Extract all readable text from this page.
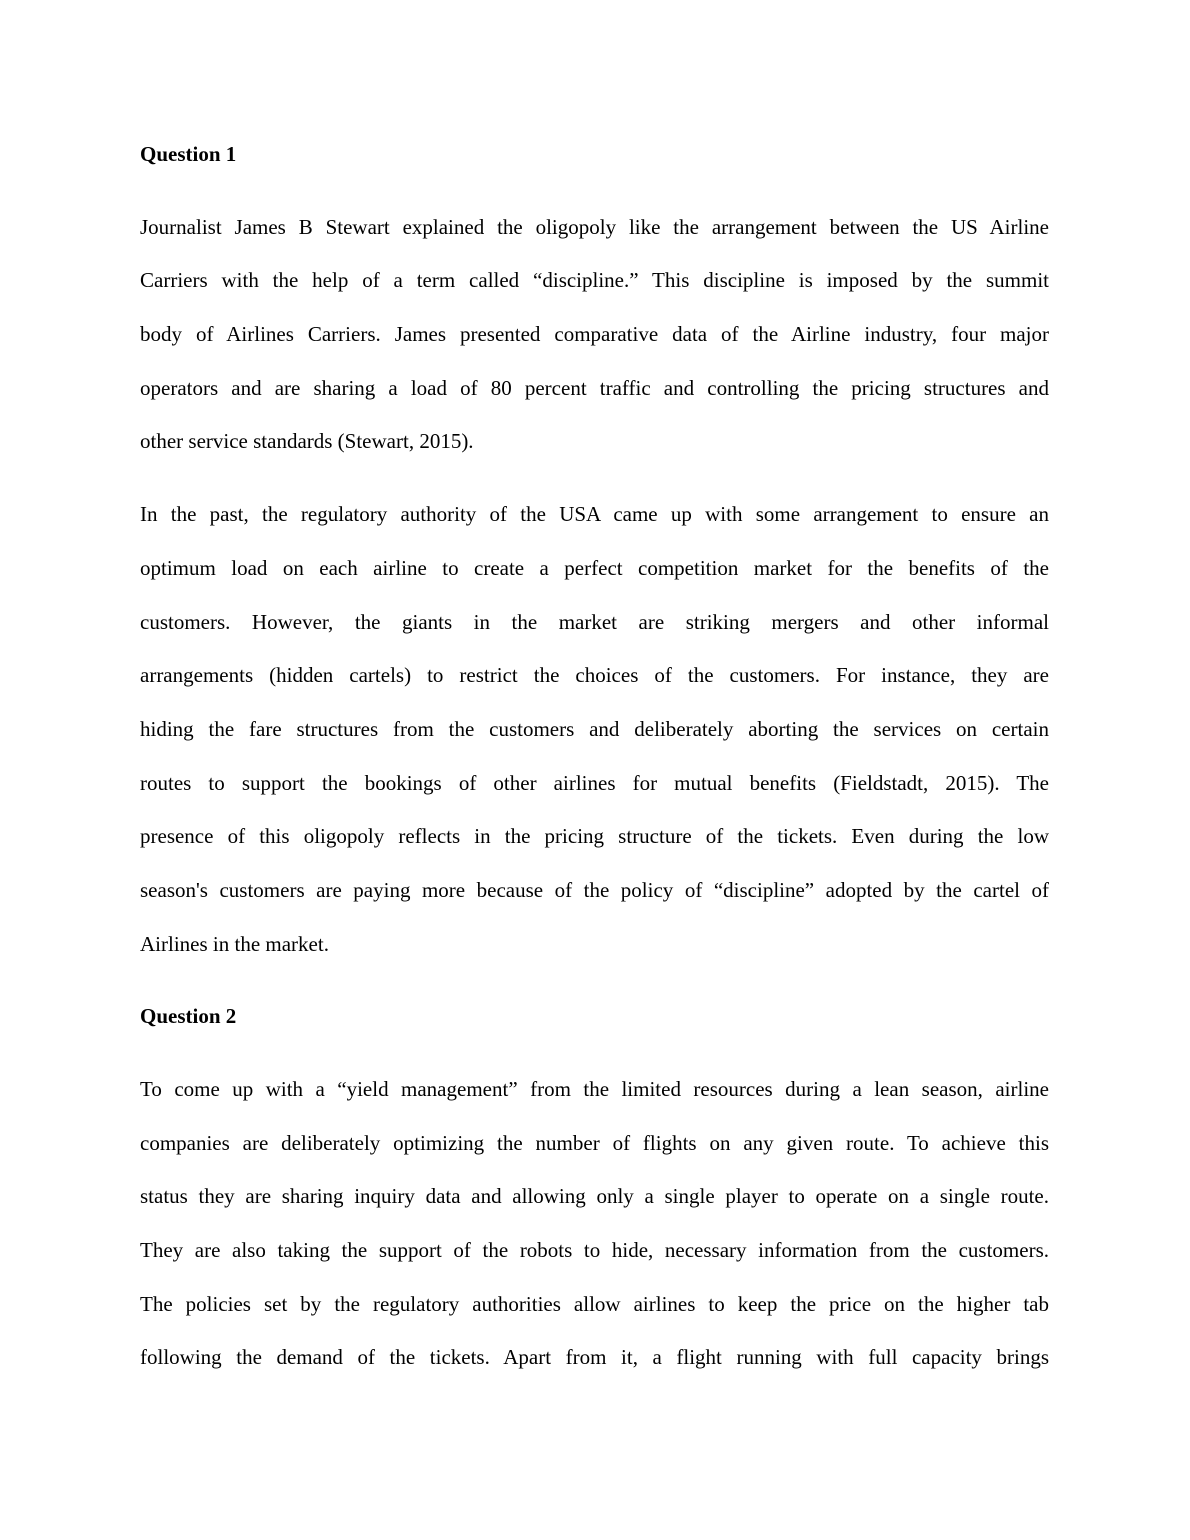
Question 1
Journalist James B Stewart explained the oligopoly like the arrangement between the US Airline
Carriers with the help of a term called “discipline.” This discipline is imposed by the summit
body of Airlines Carriers. James presented comparative data of the Airline industry, four major
operators and are sharing a load of 80 percent traffic and controlling the pricing structures and
other service standards (Stewart, 2015).
In the past, the regulatory authority of the USA came up with some arrangement to ensure an
optimum load on each airline to create a perfect competition market for the benefits of the
customers. However, the giants in the market are striking mergers and other informal
arrangements (hidden cartels) to restrict the choices of the customers. For instance, they are
hiding the fare structures from the customers and deliberately aborting the services on certain
routes to support the bookings of other airlines for mutual benefits (Fieldstadt, 2015). The
presence of this oligopoly reflects in the pricing structure of the tickets. Even during the low
season's customers are paying more because of the policy of “discipline” adopted by the cartel of
Airlines in the market.
Question 2
To come up with a “yield management” from the limited resources during a lean season, airline
companies are deliberately optimizing the number of flights on any given route. To achieve this
status they are sharing inquiry data and allowing only a single player to operate on a single route.
They are also taking the support of the robots to hide, necessary information from the customers.
The policies set by the regulatory authorities allow airlines to keep the price on the higher tab
following the demand of the tickets. Apart from it, a flight running with full capacity brings
